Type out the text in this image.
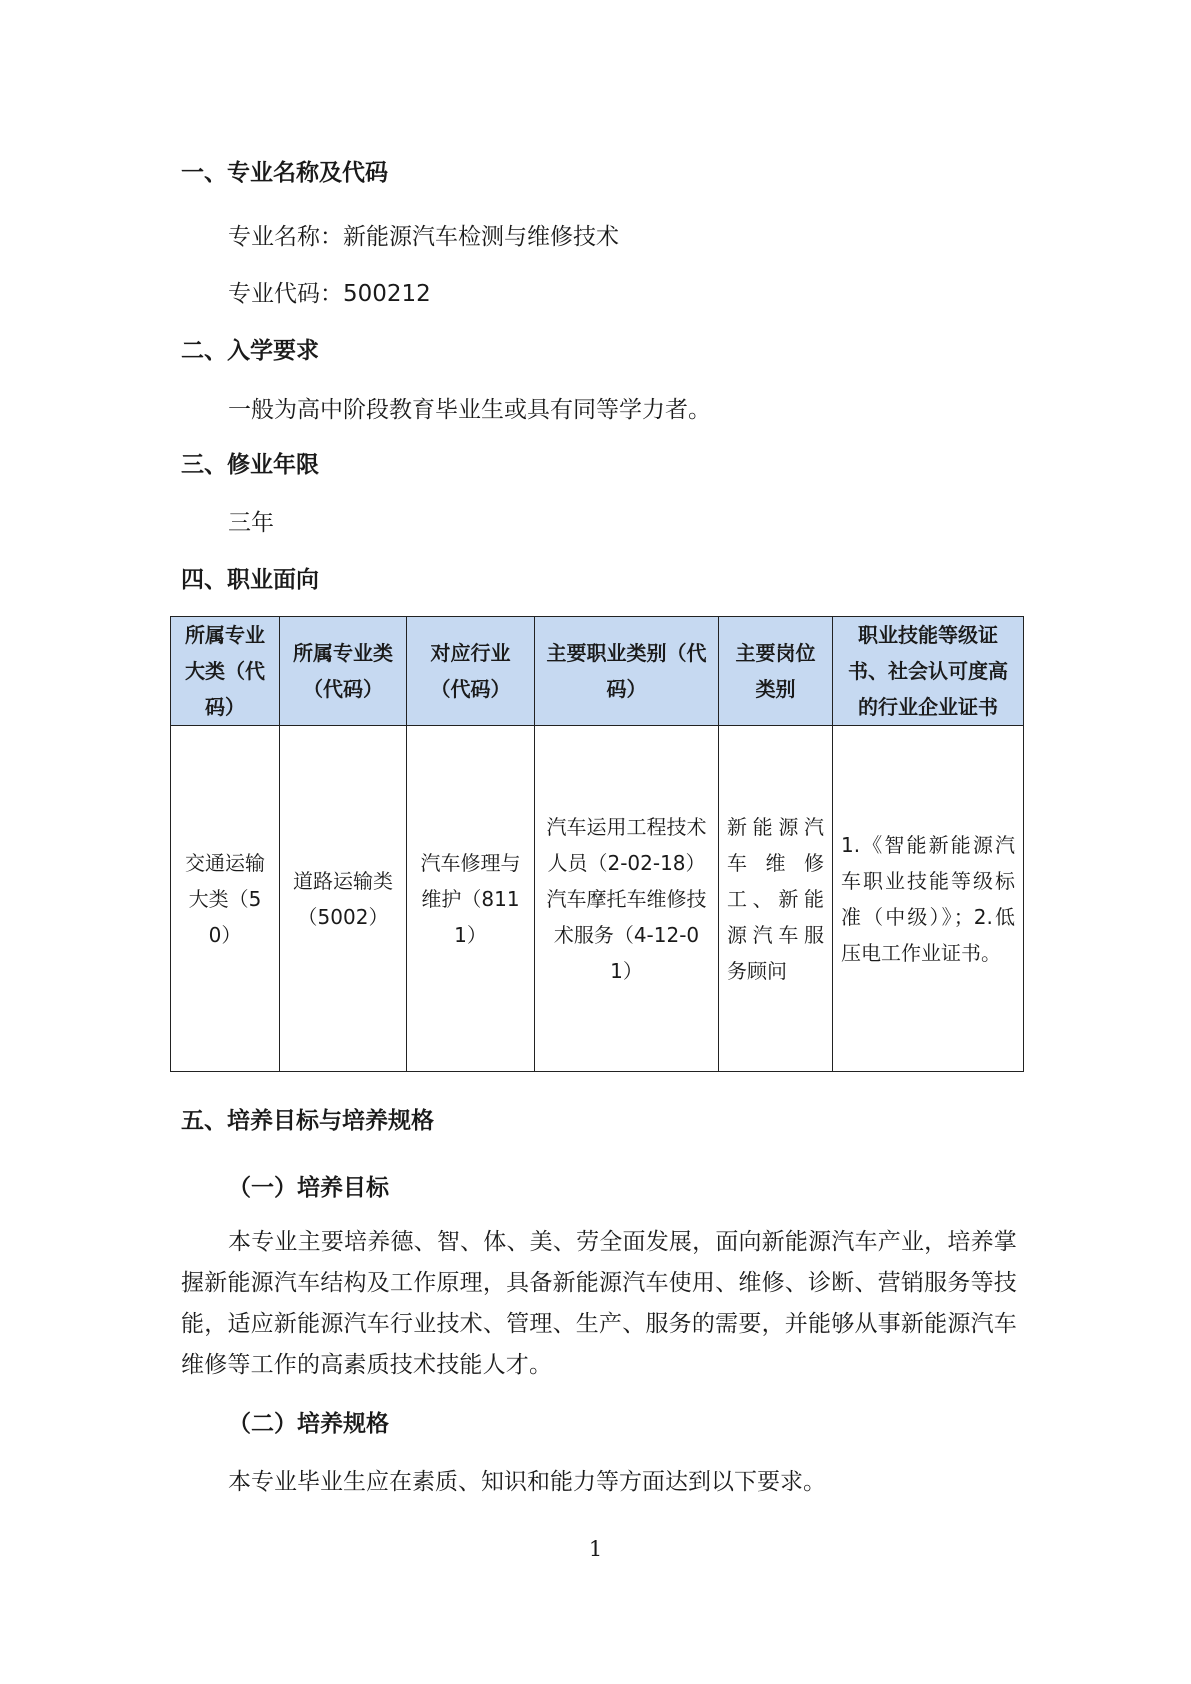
一、专业名称及代码
专业名称：新能源汽车检测与维修技术
专业代码：500212
二、入学要求
一般为高中阶段教育毕业生或具有同等学力者。
三、修业年限
三年
四、职业面向
所属专业大类（代码）	所属专业类（代码）	对应行业（代码）	主要职业类别（代码）	主要岗位类别	职业技能等级证书、社会认可度高的行业企业证书
交通运输大类（50）	道路运输类（5002）	汽车修理与维护（8111）	汽车运用工程技术人员（2-02-18）汽车摩托车维修技术服务（4-12-01）	新能源汽车维修工、新能源汽车服务顾问	1.《智能新能源汽车职业技能等级标准（中级）》；2.低压电工作业证书。
五、培养目标与培养规格
（一）培养目标
本专业主要培养德、智、体、美、劳全面发展，面向新能源汽车产业，培养掌握新能源汽车结构及工作原理，具备新能源汽车使用、维修、诊断、营销服务等技能，适应新能源汽车行业技术、管理、生产、服务的需要，并能够从事新能源汽车维修等工作的高素质技术技能人才。
（二）培养规格
本专业毕业生应在素质、知识和能力等方面达到以下要求。
1
